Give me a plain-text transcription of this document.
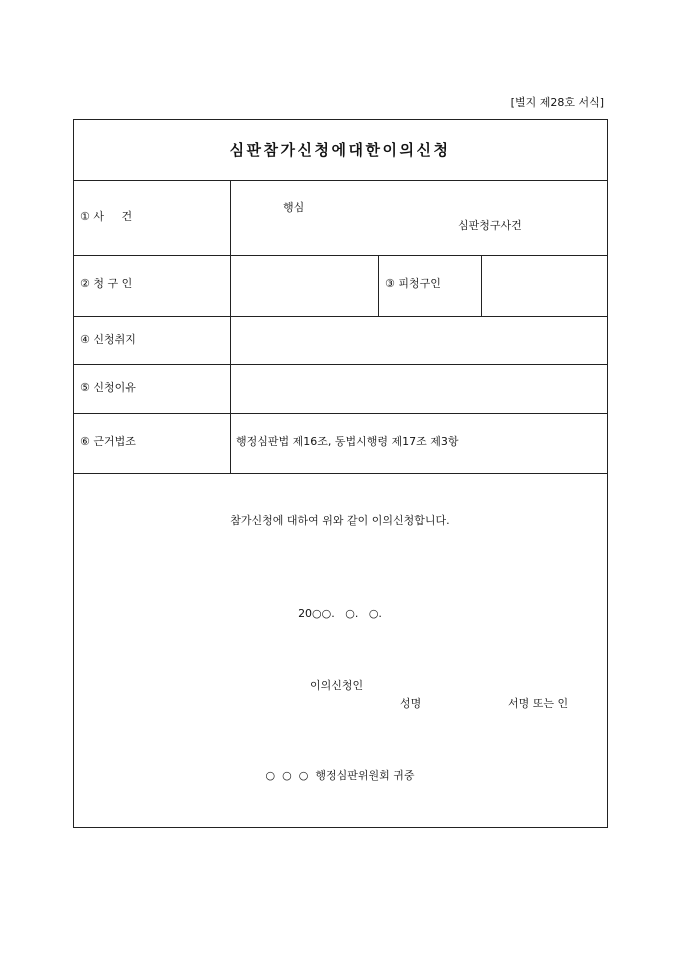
[별지 제28호 서식]
심판참가신청에대한이의신청
① 사     건
행심
심판청구사건
② 청 구 인	③ 피청구인
④ 신청취지
⑤ 신청이유
⑥ 근거법조	행정심판법 제16조, 동법시행령 제17조 제3항
참가신청에 대하여 위와 같이 이의신청합니다.
20○○.   ○.   ○.
이의신청인
성명	서명 또는 인
○  ○  ○  행정심판위원회 귀중
